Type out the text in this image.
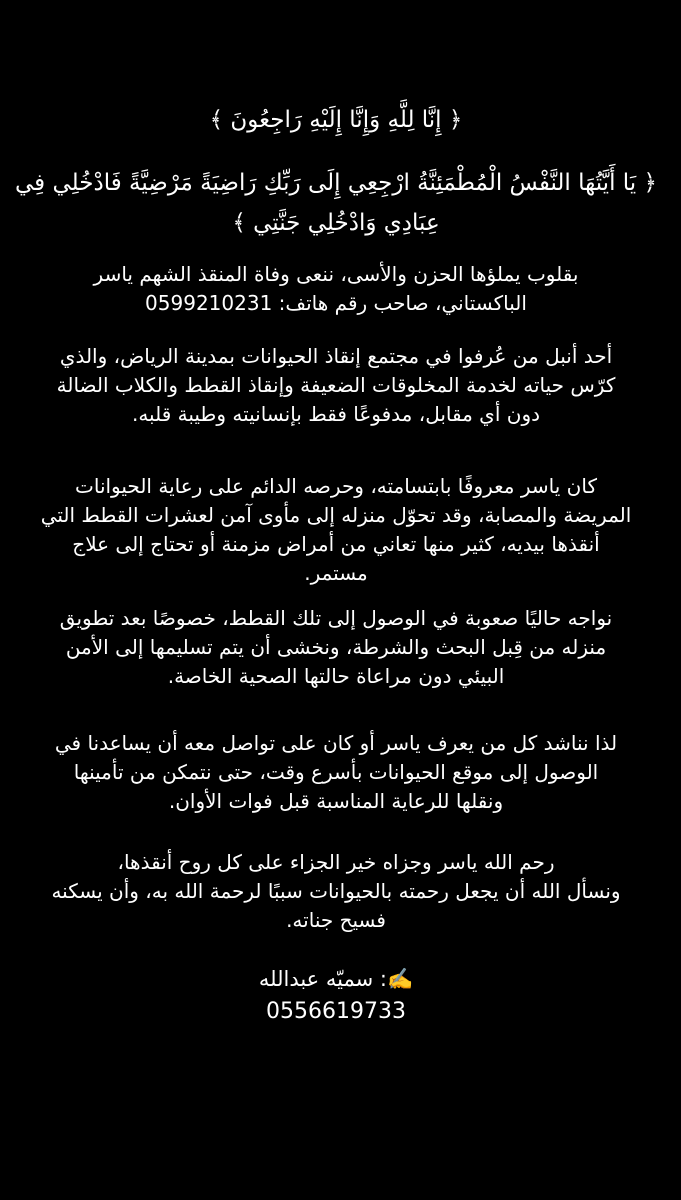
﴿ إِنَّا لِلَّهِ وَإِنَّا إِلَيْهِ رَاجِعُونَ ﴾
﴿ يَا أَيَّتُهَا النَّفْسُ الْمُطْمَئِنَّةُ ارْجِعِي إِلَى رَبِّكِ رَاضِيَةً مَرْضِيَّةً فَادْخُلِي فِي
عِبَادِي وَادْخُلِي جَنَّتِي ﴾
بقلوب يملؤها الحزن والأسى، ننعى وفاة المنقذ الشهم ياسر
الباكستاني، صاحب رقم هاتف: 0599210231
أحد أنبل من عُرفوا في مجتمع إنقاذ الحيوانات بمدينة الرياض، والذي
كرّس حياته لخدمة المخلوقات الضعيفة وإنقاذ القطط والكلاب الضالة
دون أي مقابل، مدفوعًا فقط بإنسانيته وطيبة قلبه.
كان ياسر معروفًا بابتسامته، وحرصه الدائم على رعاية الحيوانات
المريضة والمصابة، وقد تحوّل منزله إلى مأوى آمن لعشرات القطط التي
أنقذها بيديه، كثير منها تعاني من أمراض مزمنة أو تحتاج إلى علاج
مستمر.
نواجه حاليًا صعوبة في الوصول إلى تلك القطط، خصوصًا بعد تطويق
منزله من قِبل البحث والشرطة، ونخشى أن يتم تسليمها إلى الأمن
البيئي دون مراعاة حالتها الصحية الخاصة.
لذا نناشد كل من يعرف ياسر أو كان على تواصل معه أن يساعدنا في
الوصول إلى موقع الحيوانات بأسرع وقت، حتى نتمكن من تأمينها
ونقلها للرعاية المناسبة قبل فوات الأوان.
رحم الله ياسر وجزاه خير الجزاء على كل روح أنقذها،
ونسأل الله أن يجعل رحمته بالحيوانات سببًا لرحمة الله به، وأن يسكنه
فسيح جناته.
✍️: سميّه عبدالله
0556619733
